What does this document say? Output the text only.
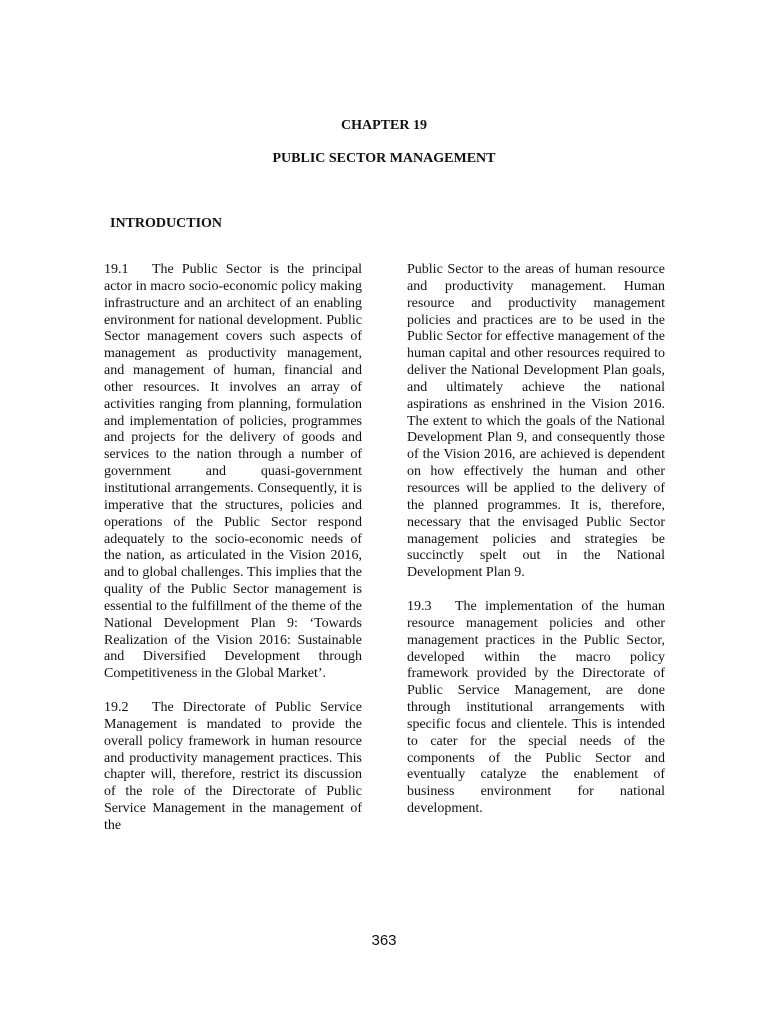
CHAPTER 19
PUBLIC SECTOR MANAGEMENT
INTRODUCTION

19.1 The Public Sector is the principal actor in macro socio-economic policy making infrastructure and an architect of an enabling environment for national development. Public Sector management covers such aspects of management as productivity management, and management of human, financial and other resources. It involves an array of activities ranging from planning, formulation and implementation of policies, programmes and projects for the delivery of goods and services to the nation through a number of government and quasi-government institutional arrangements. Consequently, it is imperative that the structures, policies and operations of the Public Sector respond adequately to the socio-economic needs of the nation, as articulated in the Vision 2016, and to global challenges. This implies that the quality of the Public Sector management is essential to the fulfillment of the theme of the National Development Plan 9: ‘Towards Realization of the Vision 2016: Sustainable and Diversified Development through Competitiveness in the Global Market’.

19.2 The Directorate of Public Service Management is mandated to provide the overall policy framework in human resource and productivity management practices. This chapter will, therefore, restrict its discussion of the role of the Directorate of Public Service Management in the management of the

Public Sector to the areas of human resource and productivity management. Human resource and productivity management policies and practices are to be used in the Public Sector for effective management of the human capital and other resources required to deliver the National Development Plan goals, and ultimately achieve the national aspirations as enshrined in the Vision 2016. The extent to which the goals of the National Development Plan 9, and consequently those of the Vision 2016, are achieved is dependent on how effectively the human and other resources will be applied to the delivery of the planned programmes. It is, therefore, necessary that the envisaged Public Sector management policies and strategies be succinctly spelt out in the National Development Plan 9.

19.3 The implementation of the human resource management policies and other management practices in the Public Sector, developed within the macro policy framework provided by the Directorate of Public Service Management, are done through institutional arrangements with specific focus and clientele. This is intended to cater for the special needs of the components of the Public Sector and eventually catalyze the enablement of business environment for national development.

363
